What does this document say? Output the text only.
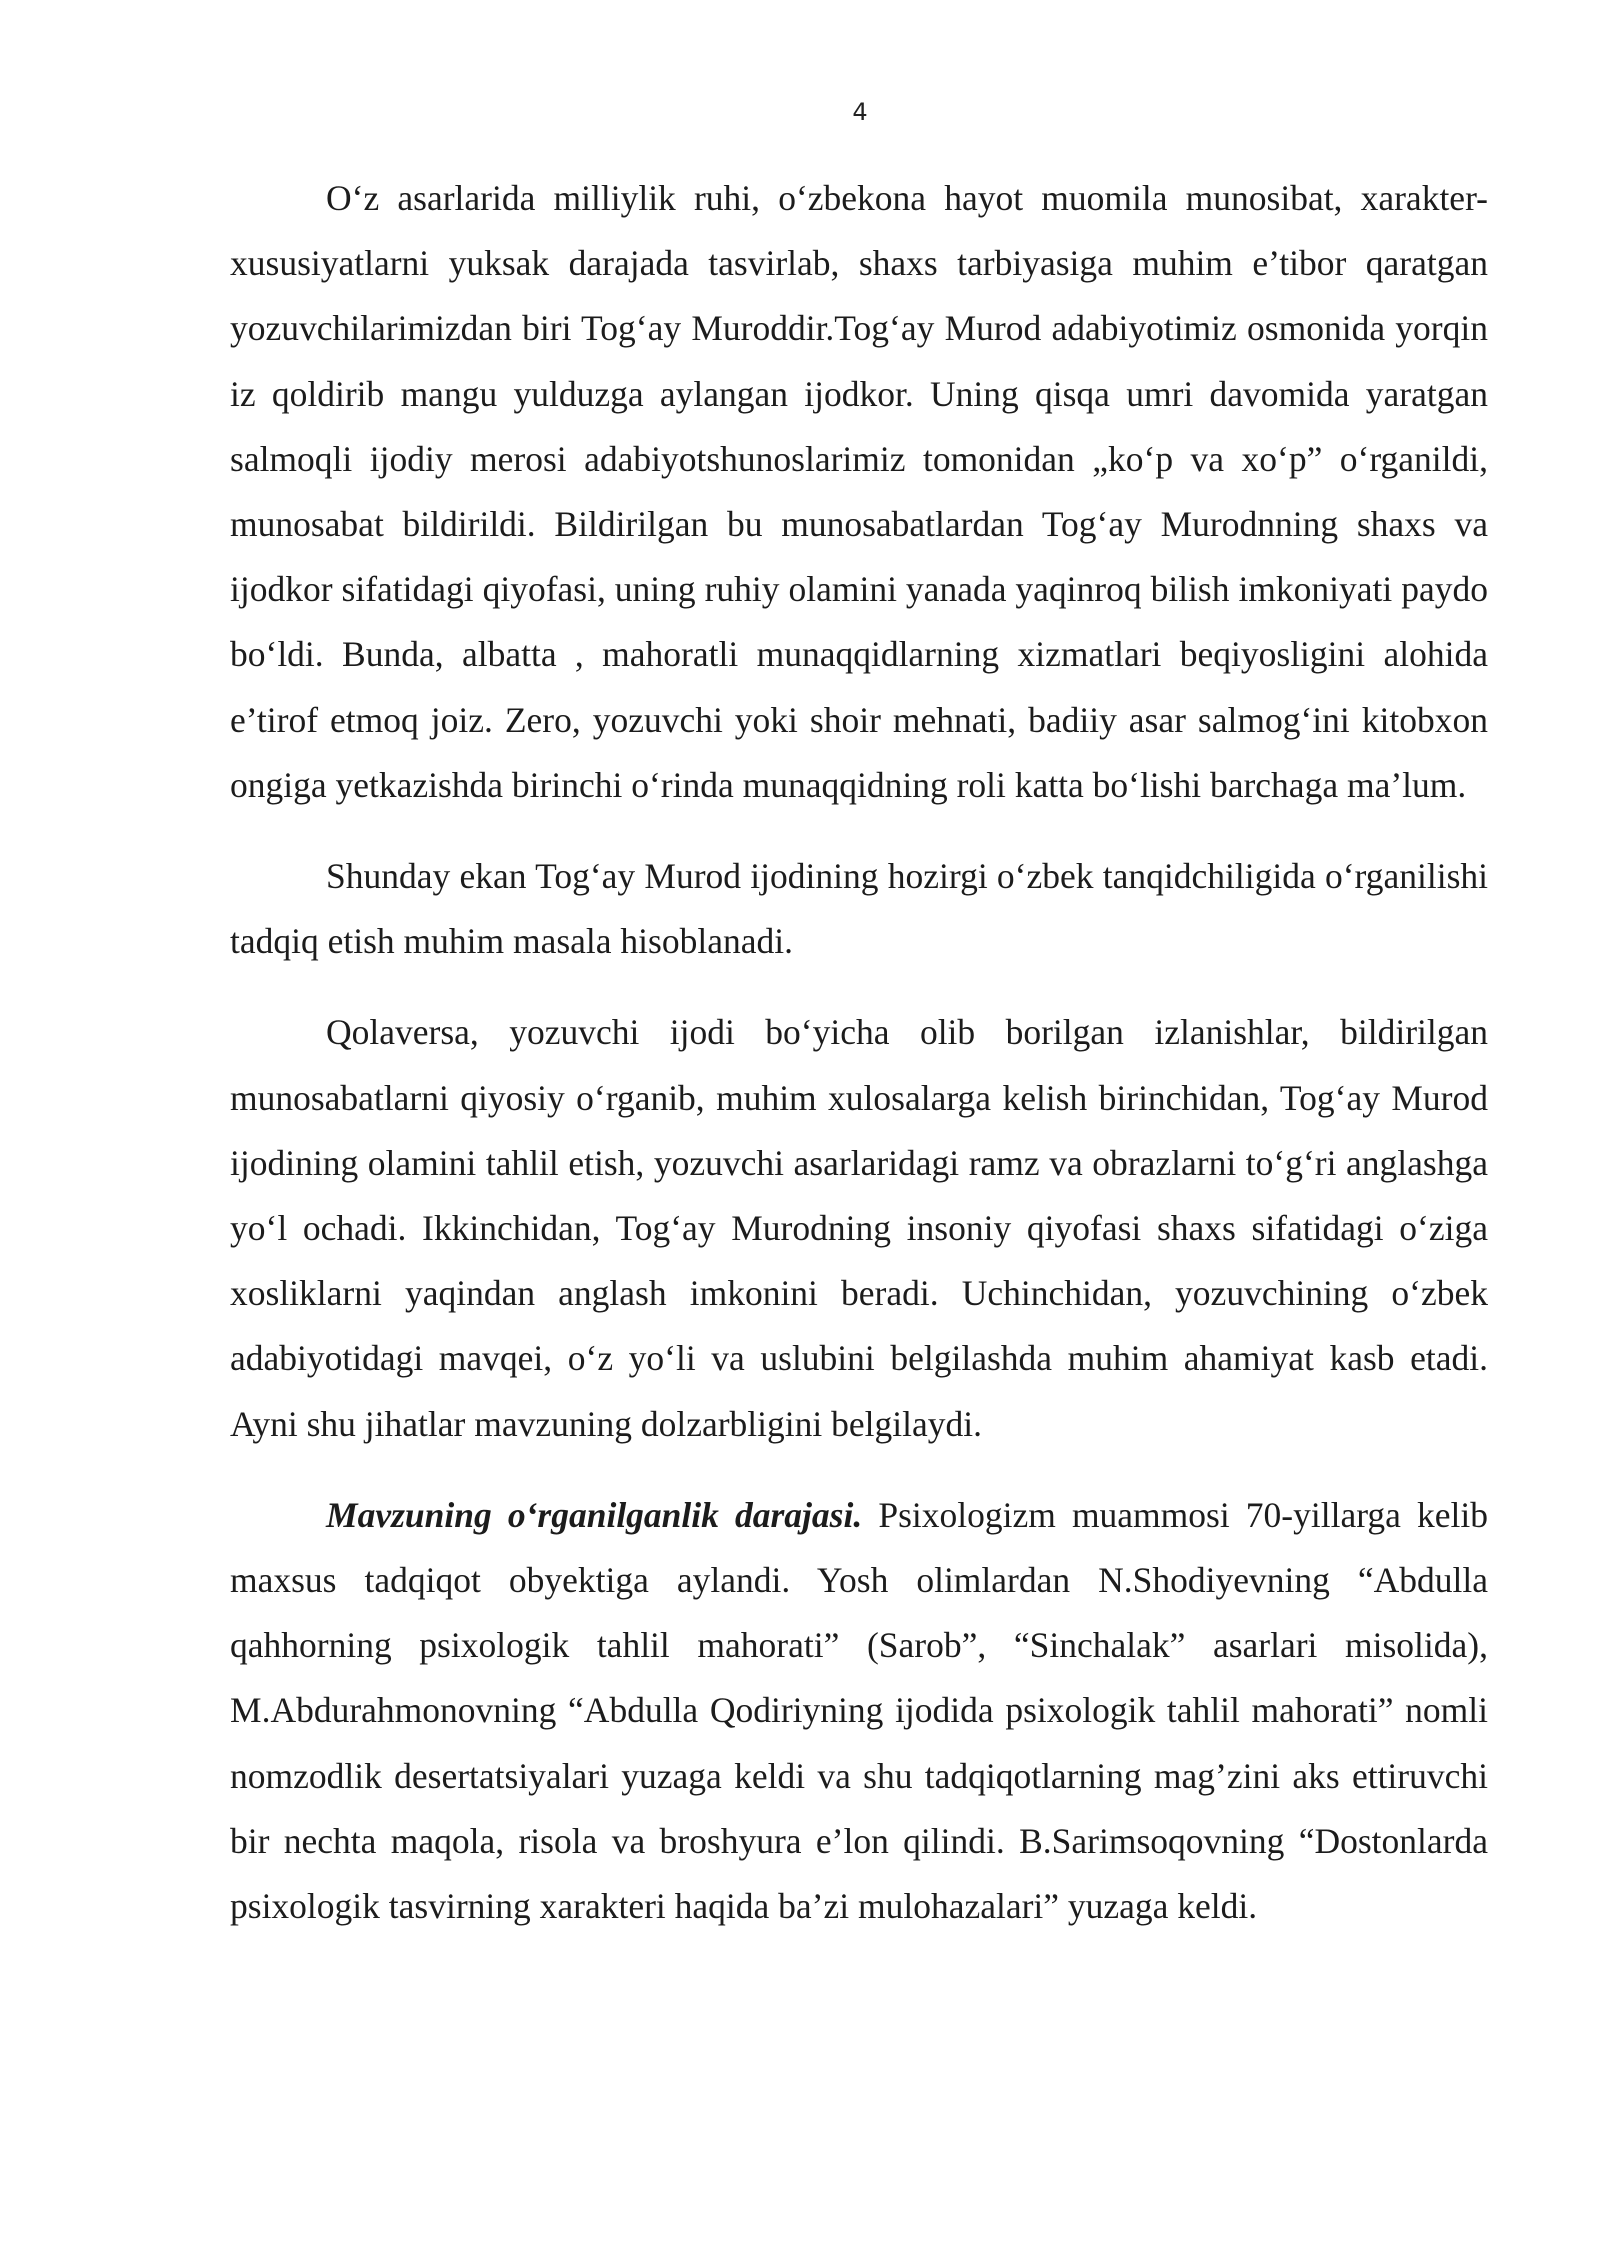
4

O‘z asarlarida milliylik ruhi, o‘zbekona hayot muomila munosibat, xarakter-xususiyatlarni yuksak darajada tasvirlab, shaxs tarbiyasiga muhim e’tibor qaratgan yozuvchilarimizdan biri Tog‘ay Muroddir.Tog‘ay Murod adabiyotimiz osmonida yorqin iz qoldirib mangu yulduzga aylangan ijodkor. Uning qisqa umri davomida yaratgan salmoqli ijodiy merosi adabiyotshunoslarimiz tomonidan „ko‘p va xo‘p” o‘rganildi, munosabat bildirildi. Bildirilgan bu munosabatlardan Tog‘ay Murodnning shaxs va ijodkor sifatidagi qiyofasi, uning ruhiy olamini yanada yaqinroq bilish imkoniyati paydo bo‘ldi. Bunda, albatta , mahoratli munaqqidlarning xizmatlari beqiyosligini alohida e’tirof etmoq joiz. Zero, yozuvchi yoki shoir mehnati, badiiy asar salmog‘ini kitobxon ongiga yetkazishda birinchi o‘rinda munaqqidning roli katta bo‘lishi barchaga ma’lum.

Shunday ekan Tog‘ay Murod ijodining hozirgi o‘zbek tanqidchiligida o‘rganilishi tadqiq etish muhim masala hisoblanadi.

Qolaversa, yozuvchi ijodi bo‘yicha olib borilgan izlanishlar, bildirilgan munosabatlarni qiyosiy o‘rganib, muhim xulosalarga kelish birinchidan, Tog‘ay Murod ijodining olamini tahlil etish, yozuvchi asarlaridagi ramz va obrazlarni to‘g‘ri anglashga yo‘l ochadi. Ikkinchidan, Tog‘ay Murodning insoniy qiyofasi shaxs sifatidagi o‘ziga xosliklarni yaqindan anglash imkonini beradi. Uchinchidan, yozuvchining o‘zbek adabiyotidagi mavqei, o‘z yo‘li va uslubini belgilashda muhim ahamiyat kasb etadi. Ayni shu jihatlar mavzuning dolzarbligini belgilaydi.

Mavzuning o‘rganilganlik darajasi. Psixologizm muammosi 70-yillarga kelib maxsus tadqiqot obyektiga aylandi. Yosh olimlardan N.Shodiyevning “Abdulla qahhorning psixologik tahlil mahorati” (Sarob”, “Sinchalak” asarlari misolida), M.Abdurahmonovning “Abdulla Qodiriyning ijodida psixologik tahlil mahorati” nomli nomzodlik desertatsiyalari yuzaga keldi va shu tadqiqotlarning mag’zini aks ettiruvchi bir nechta maqola, risola va broshyura e’lon qilindi. B.Sarimsoqovning “Dostonlarda psixologik tasvirning xarakteri haqida ba’zi mulohazalari” yuzaga keldi.
